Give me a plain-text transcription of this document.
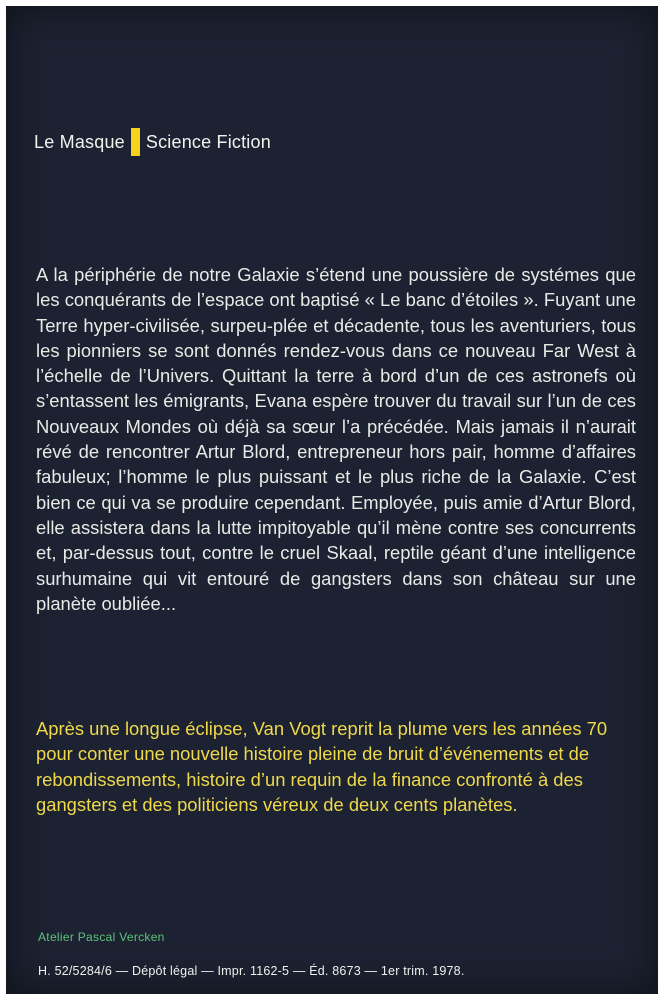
Le Masque Science Fiction
A la périphérie de notre Galaxie s’étend une poussière de systémes que les conquérants de l’espace ont baptisé « Le banc d’étoiles ». Fuyant une Terre hyper-civilisée, surpeu-plée et décadente, tous les aventuriers, tous les pionniers se sont donnés rendez-vous dans ce nouveau Far West à l’échelle de l’Univers. Quittant la terre à bord d’un de ces astronefs où s’entassent les émigrants, Evana espère trouver du travail sur l’un de ces Nouveaux Mondes où déjà sa sœur l’a précédée. Mais jamais il n’aurait révé de rencontrer Artur Blord, entrepreneur hors pair, homme d’affaires fabuleux; l’homme le plus puissant et le plus riche de la Galaxie. C’est bien ce qui va se produire cependant. Employée, puis amie d’Artur Blord, elle assistera dans la lutte impitoyable qu’il mène contre ses concurrents et, par-dessus tout, contre le cruel Skaal, reptile géant d’une intelligence surhumaine qui vit entouré de gangsters dans son château sur une planète oubliée...
Après une longue éclipse, Van Vogt reprit la plume vers les années 70 pour conter une nouvelle histoire pleine de bruit d’événements et de rebondissements, histoire d’un requin de la finance confronté à des gangsters et des politiciens véreux de deux cents planètes.
Atelier Pascal Vercken
H. 52/5284/6 — Dépôt légal — Impr. 1162-5 — Éd. 8673 — 1er trim. 1978.
